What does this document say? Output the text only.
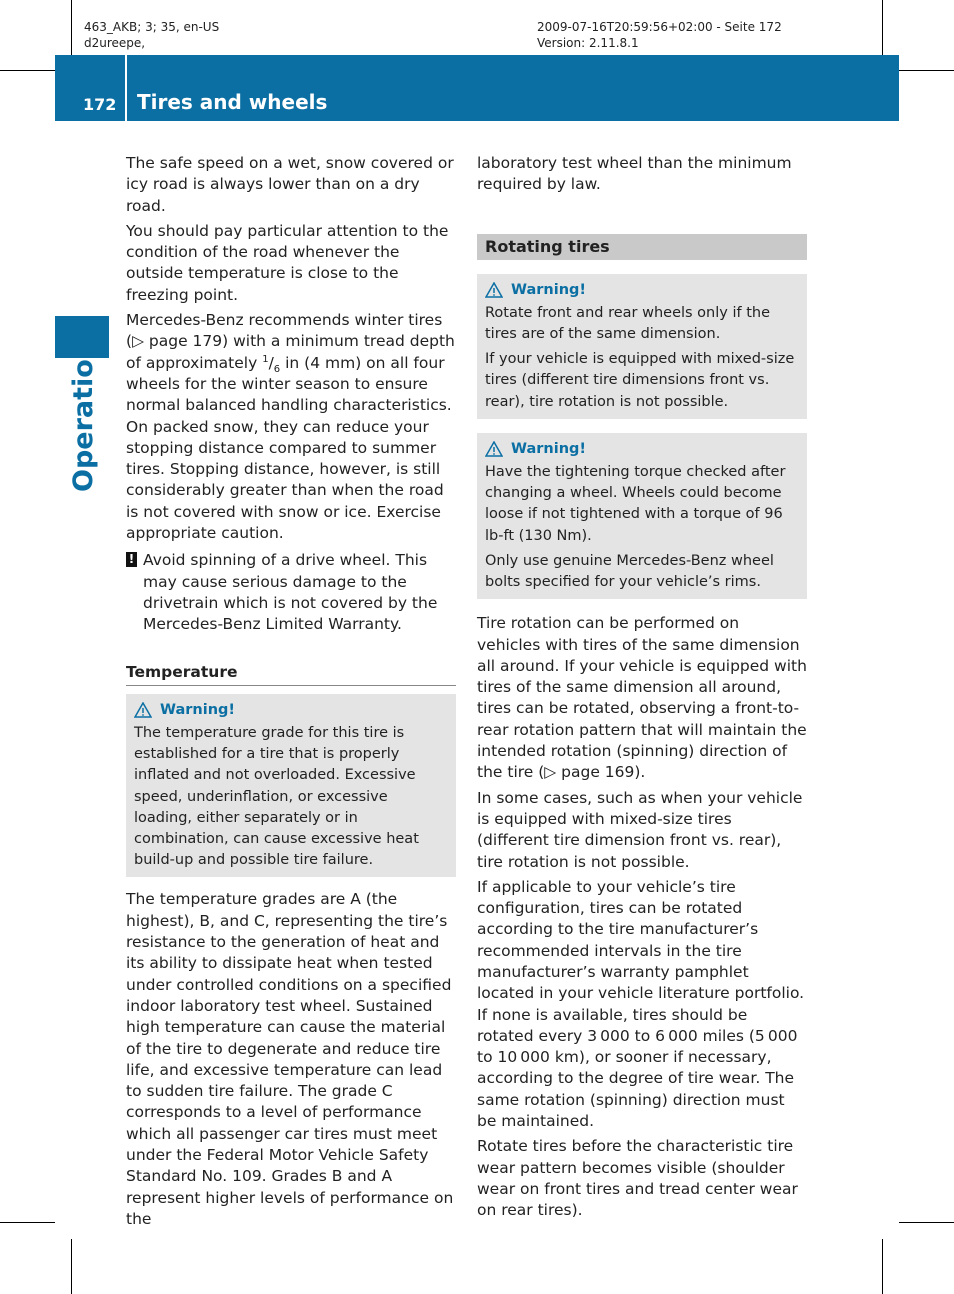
463_AKB; 3; 35, en-US
d2ureepe,
2009-07-16T20:59:56+02:00 - Seite 172
Version: 2.11.8.1
172 Tires and wheels
Operation

The safe speed on a wet, snow covered or icy road is always lower than on a dry road.

You should pay particular attention to the condition of the road whenever the outside temperature is close to the freezing point.

Mercedes-Benz recommends winter tires (▷ page 179) with a minimum tread depth of approximately $^1/_6$ in (4 mm) on all four wheels for the winter season to ensure normal balanced handling characteristics. On packed snow, they can reduce your stopping distance compared to summer tires. Stopping distance, however, is still considerably greater than when the road is not covered with snow or ice. Exercise appropriate caution.

! Avoid spinning of a drive wheel. This may cause serious damage to the drivetrain which is not covered by the Mercedes-Benz Limited Warranty.
Temperature
Warning!

The temperature grade for this tire is established for a tire that is properly inflated and not overloaded. Excessive speed, underinflation, or excessive loading, either separately or in combination, can cause excessive heat build-up and possible tire failure.

The temperature grades are A (the highest), B, and C, representing the tire’s resistance to the generation of heat and its ability to dissipate heat when tested under controlled conditions on a specified indoor laboratory test wheel. Sustained high temperature can cause the material of the tire to degenerate and reduce tire life, and excessive temperature can lead to sudden tire failure. The grade C corresponds to a level of performance which all passenger car tires must meet under the Federal Motor Vehicle Safety Standard No. 109. Grades B and A represent higher levels of performance on the

laboratory test wheel than the minimum required by law.

Rotating tires
Warning!

Rotate front and rear wheels only if the tires are of the same dimension.

If your vehicle is equipped with mixed-size tires (different tire dimensions front vs. rear), tire rotation is not possible.

Warning!

Have the tightening torque checked after changing a wheel. Wheels could become loose if not tightened with a torque of 96 lb-ft (130 Nm).

Only use genuine Mercedes-Benz wheel bolts specified for your vehicle’s rims.

Tire rotation can be performed on vehicles with tires of the same dimension all around. If your vehicle is equipped with tires of the same dimension all around, tires can be rotated, observing a front-to-rear rotation pattern that will maintain the intended rotation (spinning) direction of the tire (▷ page 169).

In some cases, such as when your vehicle is equipped with mixed-size tires (different tire dimension front vs. rear), tire rotation is not possible.

If applicable to your vehicle’s tire configuration, tires can be rotated according to the tire manufacturer’s recommended intervals in the tire manufacturer’s warranty pamphlet located in your vehicle literature portfolio. If none is available, tires should be rotated every 3 000 to 6 000 miles (5 000 to 10 000 km), or sooner if necessary, according to the degree of tire wear. The same rotation (spinning) direction must be maintained.

Rotate tires before the characteristic tire wear pattern becomes visible (shoulder wear on front tires and tread center wear on rear tires).
